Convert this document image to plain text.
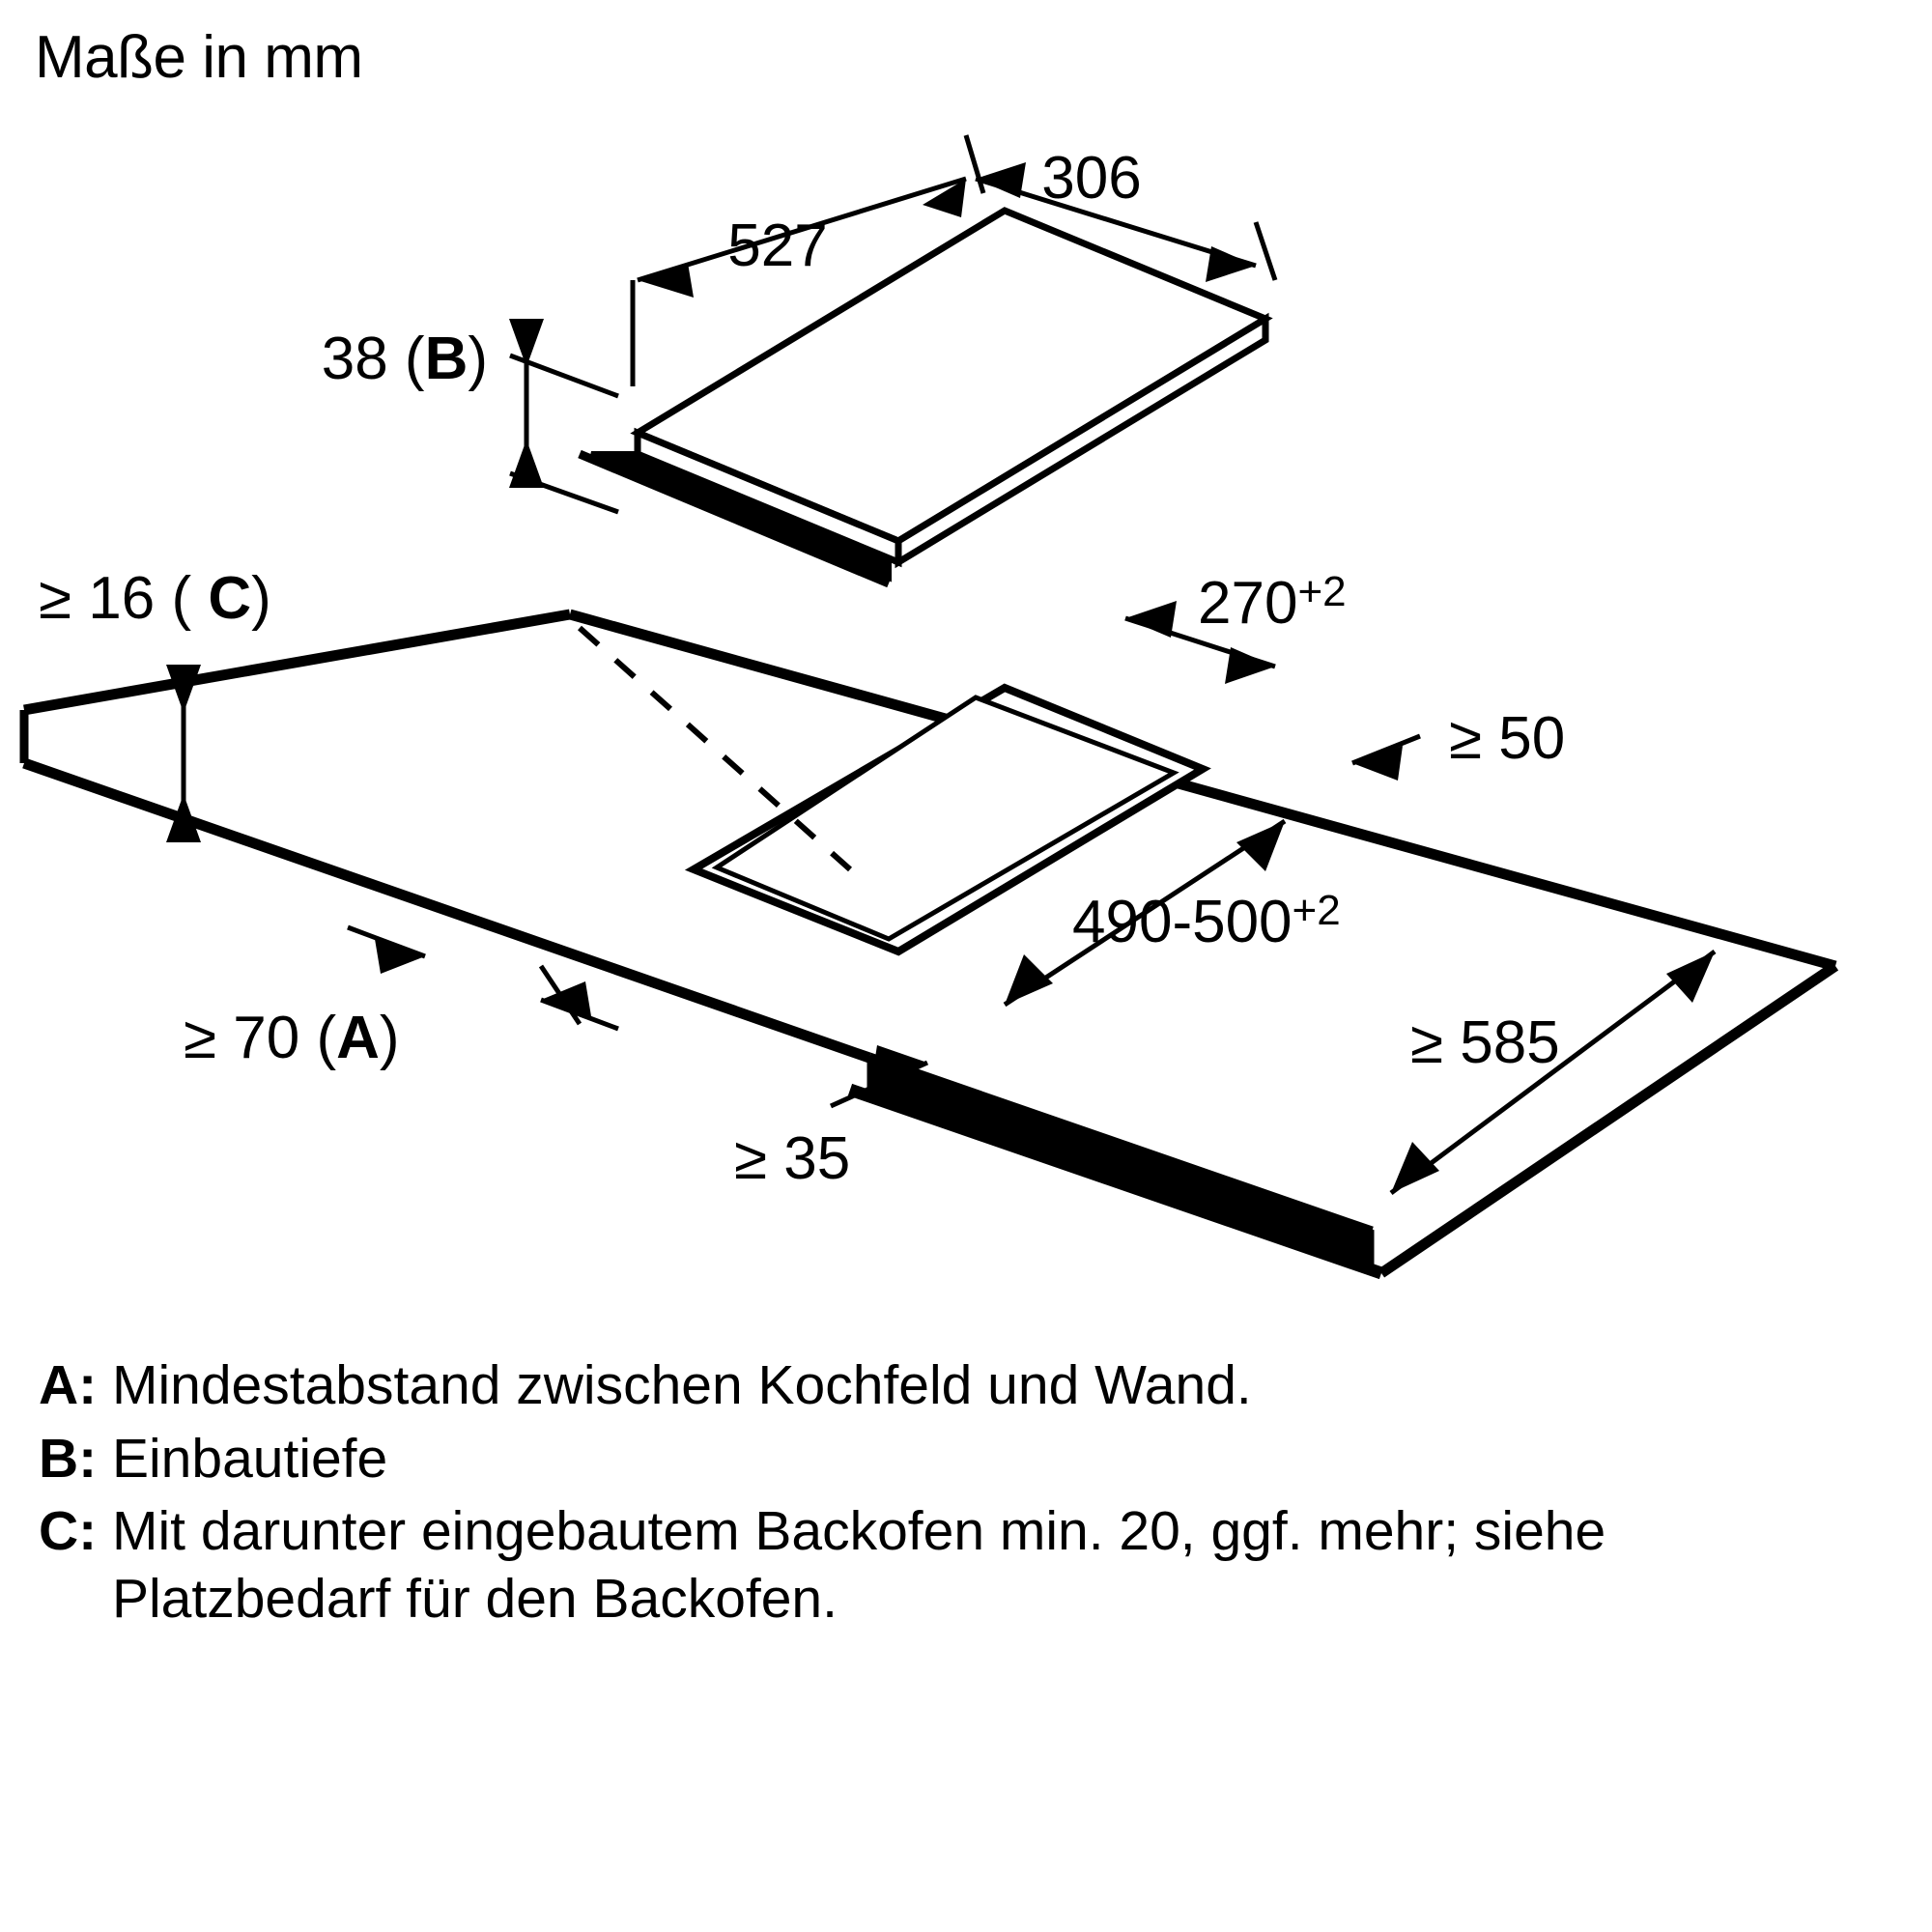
Maße in mm
306
527
38 (B)
≥ 16 ( C)	$270^{+2}$
≥ 50
$490-500^{+2}$
≥ 70 (A)
≥ 35
≥ 585
A : Mindestabstand zwischen Kochfeld und Wand.
B : Einbautiefe
C : Mit darunter eingebautem Backofen min. 20, ggf. mehr; siehe Platzbedarf für den Backofen.
